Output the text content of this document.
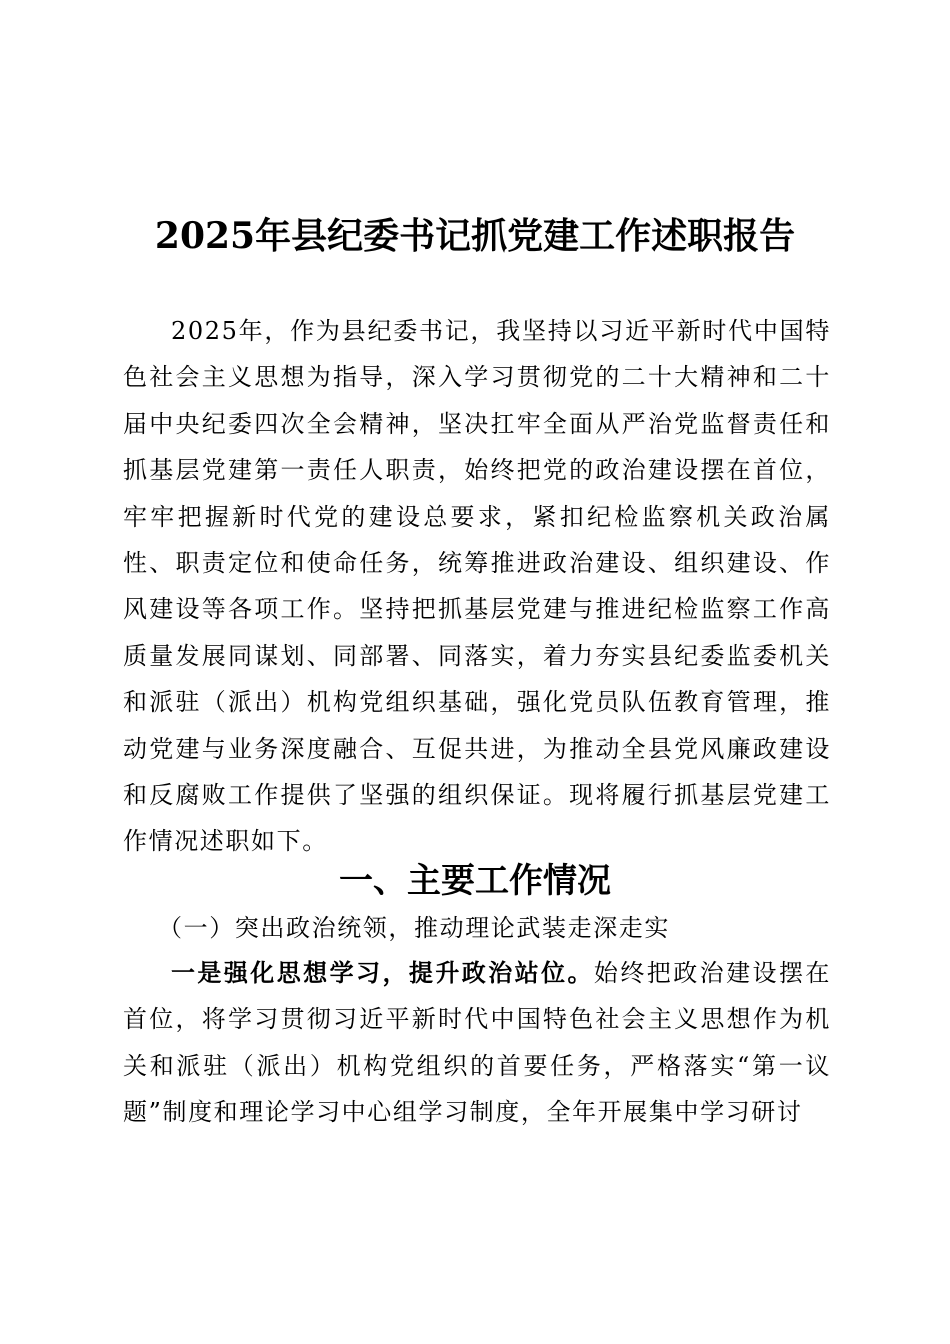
2025年县纪委书记抓党建工作述职报告

2025年，作为县纪委书记，我坚持以习近平新时代中国特色社会主义思想为指导，深入学习贯彻党的二十大精神和二十届中央纪委四次全会精神，坚决扛牢全面从严治党监督责任和抓基层党建第一责任人职责，始终把党的政治建设摆在首位，牢牢把握新时代党的建设总要求，紧扣纪检监察机关政治属性、职责定位和使命任务，统筹推进政治建设、组织建设、作风建设等各项工作。坚持把抓基层党建与推进纪检监察工作高质量发展同谋划、同部署、同落实，着力夯实县纪委监委机关和派驻（派出）机构党组织基础，强化党员队伍教育管理，推动党建与业务深度融合、互促共进，为推动全县党风廉政建设和反腐败工作提供了坚强的组织保证。现将履行抓基层党建工作情况述职如下。

一、主要工作情况
（一）突出政治统领，推动理论武装走深走实

一是强化思想学习，提升政治站位。始终把政治建设摆在首位，将学习贯彻习近平新时代中国特色社会主义思想作为机关和派驻（派出）机构党组织的首要任务，严格落实“第一议题”制度和理论学习中心组学习制度，全年开展集中学习研讨
